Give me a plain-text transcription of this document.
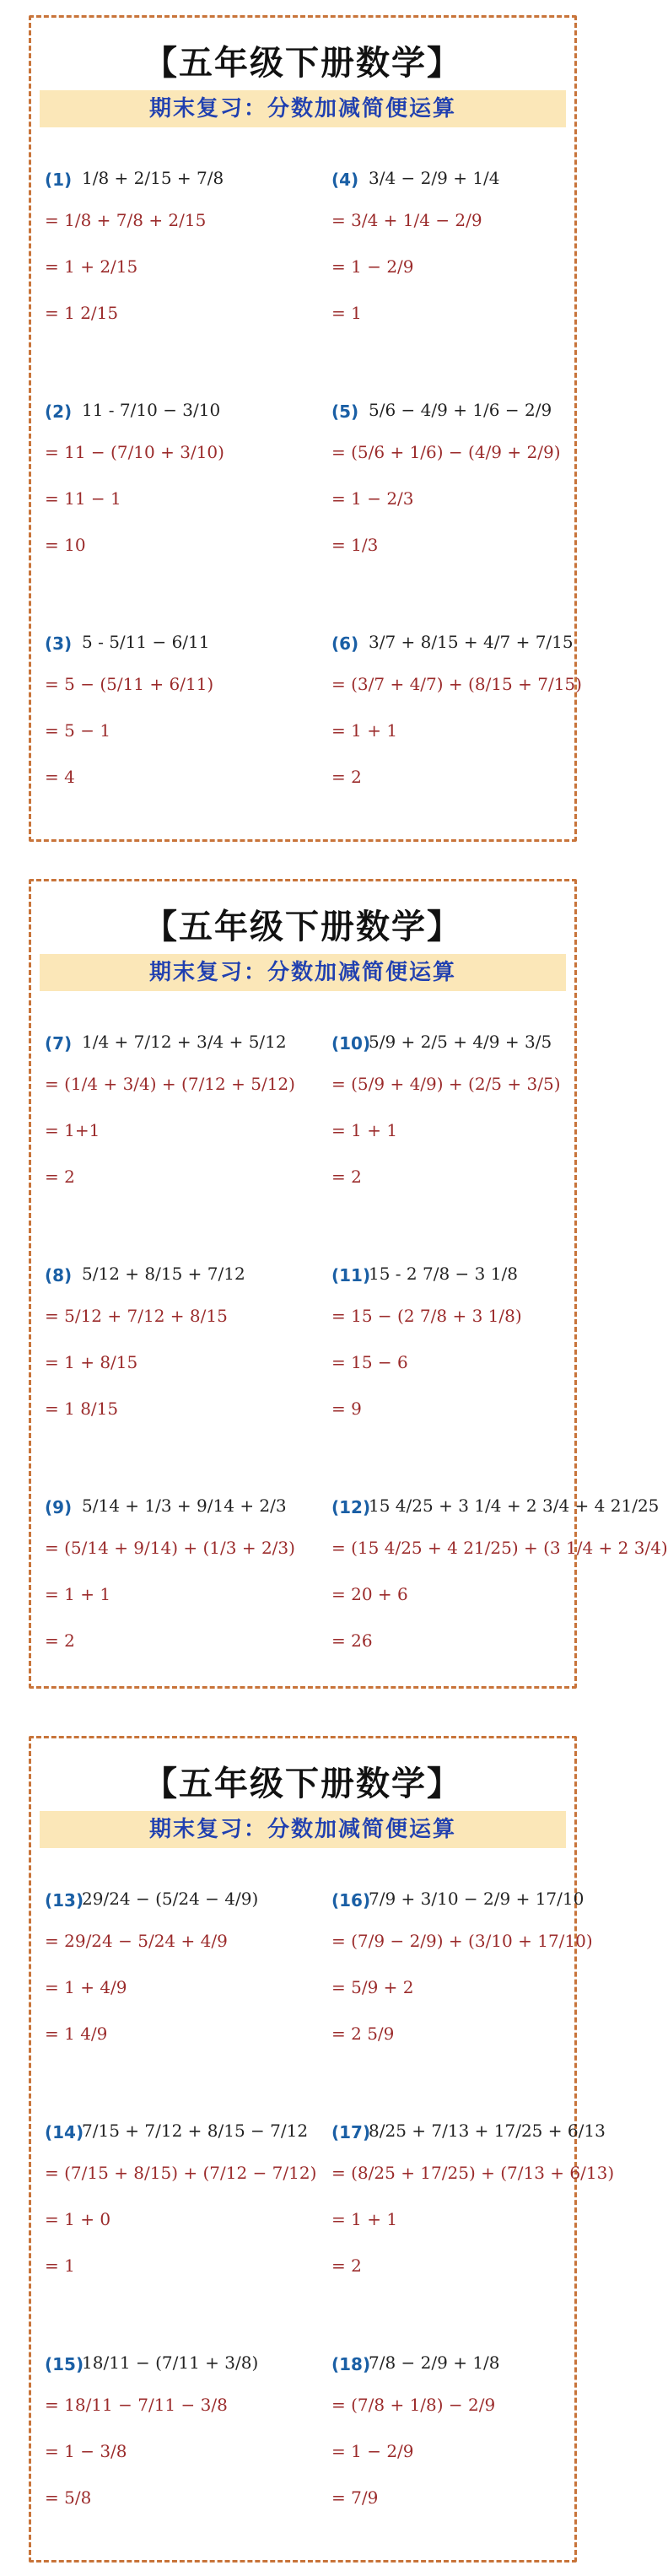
【五年级下册数学】
期末复习：分数加减简便运算
(1) 1/8 + 2/15 + 7/8
= 1/8 + 7/8 + 2/15
= 1 + 2/15
= 1 2/15
(4) 3/4 − 2/9 + 1/4
= 3/4 + 1/4 − 2/9
= 1 − 2/9
= 1
(2) 11 - 7/10 − 3/10
= 11 − (7/10 + 3/10)
= 11 − 1
= 10
(5) 5/6 − 4/9 + 1/6 − 2/9
= (5/6 + 1/6) − (4/9 + 2/9)
= 1 − 2/3
= 1/3
(3) 5 - 5/11 − 6/11
= 5 − (5/11 + 6/11)
= 5 − 1
= 4
(6) 3/7 + 8/15 + 4/7 + 7/15
= (3/7 + 4/7) + (8/15 + 7/15)
= 1 + 1
= 2
【五年级下册数学】
期末复习：分数加减简便运算
(7) 1/4 + 7/12 + 3/4 + 5/12
= (1/4 + 3/4) + (7/12 + 5/12)
= 1+1
= 2
(10)
5/9 + 2/5 + 4/9 + 3/5
= (5/9 + 4/9) + (2/5 + 3/5)
= 1 + 1
= 2
(8) 5/12 + 8/15 + 7/12
= 5/12 + 7/12 + 8/15
= 1 + 8/15
= 1 8/15
(11)
15 - 2 7/8 − 3 1/8
= 15 − (2 7/8 + 3 1/8)
= 15 − 6
= 9
(9) 5/14 + 1/3 + 9/14 + 2/3
= (5/14 + 9/14) + (1/3 + 2/3)
= 1 + 1
= 2
(12)
15 4/25 + 3 1/4 + 2 3/4 + 4 21/25
= (15 4/25 + 4 21/25) + (3 1/4 + 2 3/4)
= 20 + 6
= 26
【五年级下册数学】
期末复习：分数加减简便运算
(13)
29/24 − (5/24 − 4/9)
= 29/24 − 5/24 + 4/9
= 1 + 4/9
= 1 4/9
(16)
7/9 + 3/10 − 2/9 + 17/10
= (7/9 − 2/9) + (3/10 + 17/10)
= 5/9 + 2
= 2 5/9
(14)
7/15 + 7/12 + 8/15 − 7/12
= (7/15 + 8/15) + (7/12 − 7/12)
= 1 + 0
= 1
(17)
8/25 + 7/13 + 17/25 + 6/13
= (8/25 + 17/25) + (7/13 + 6/13)
= 1 + 1
= 2
(15)
18/11 − (7/11 + 3/8)
= 18/11 − 7/11 − 3/8
= 1 − 3/8
= 5/8
(18)
7/8 − 2/9 + 1/8
= (7/8 + 1/8) − 2/9
= 1 − 2/9
= 7/9
